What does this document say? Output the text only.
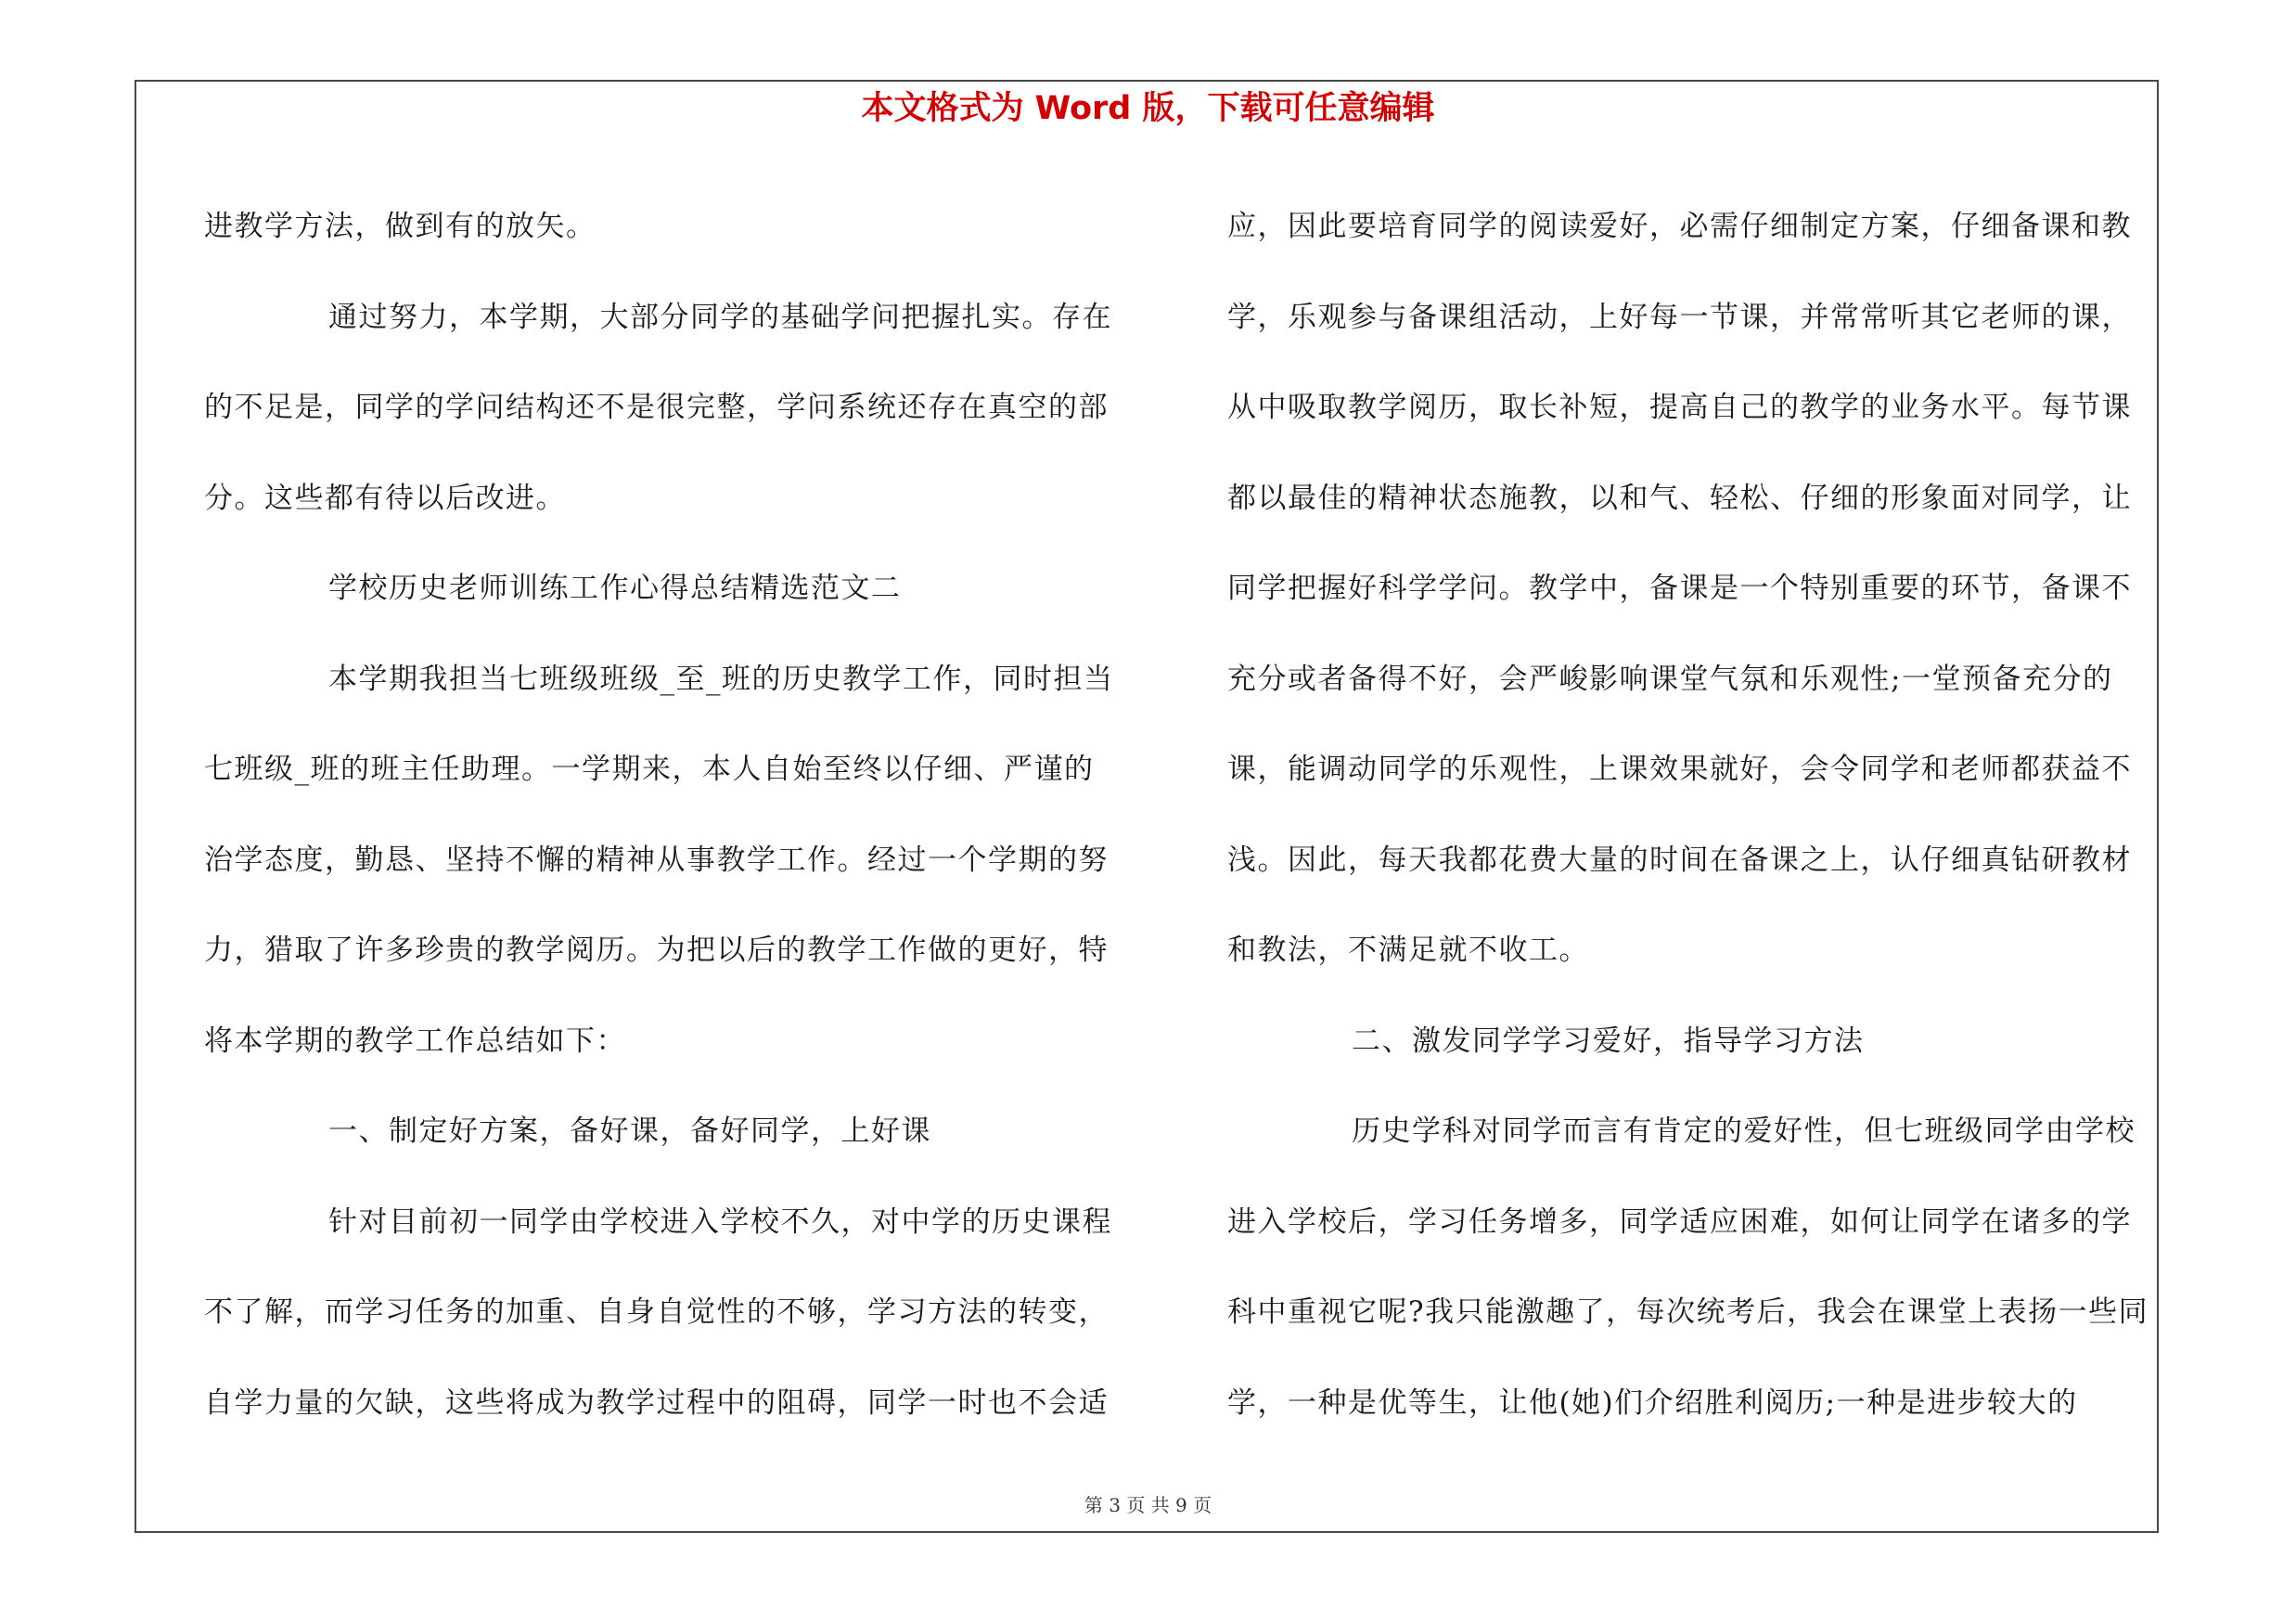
本文格式为 Word 版，下载可任意编辑

进教学方法，做到有的放矢。

通过努力，本学期，大部分同学的基础学问把握扎实。存在的不足是，同学的学问结构还不是很完整，学问系统还存在真空的部分。这些都有待以后改进。

学校历史老师训练工作心得总结精选范文二

本学期我担当七班级班级_至_班的历史教学工作，同时担当七班级_班的班主任助理。一学期来，本人自始至终以仔细、严谨的治学态度，勤恳、坚持不懈的精神从事教学工作。经过一个学期的努力，猎取了许多珍贵的教学阅历。为把以后的教学工作做的更好，特将本学期的教学工作总结如下：

一、制定好方案，备好课，备好同学，上好课

针对目前初一同学由学校进入学校不久，对中学的历史课程不了解，而学习任务的加重、自身自觉性的不够，学习方法的转变，自学力量的欠缺，这些将成为教学过程中的阻碍，同学一时也不会适

应，因此要培育同学的阅读爱好，必需仔细制定方案，仔细备课和教学，乐观参与备课组活动，上好每一节课，并常常听其它老师的课，从中吸取教学阅历，取长补短，提高自己的教学的业务水平。每节课都以最佳的精神状态施教，以和气、轻松、仔细的形象面对同学，让同学把握好科学学问。教学中，备课是一个特别重要的环节，备课不充分或者备得不好，会严峻影响课堂气氛和乐观性;一堂预备充分的课，能调动同学的乐观性，上课效果就好，会令同学和老师都获益不浅。因此，每天我都花费大量的时间在备课之上，认仔细真钻研教材和教法，不满足就不收工。

二、激发同学学习爱好，指导学习方法

历史学科对同学而言有肯定的爱好性，但七班级同学由学校进入学校后，学习任务增多，同学适应困难，如何让同学在诸多的学科中重视它呢?我只能激趣了，每次统考后，我会在课堂上表扬一些同学，一种是优等生，让他(她)们介绍胜利阅历;一种是进步较大的

第 3 页 共 9 页
